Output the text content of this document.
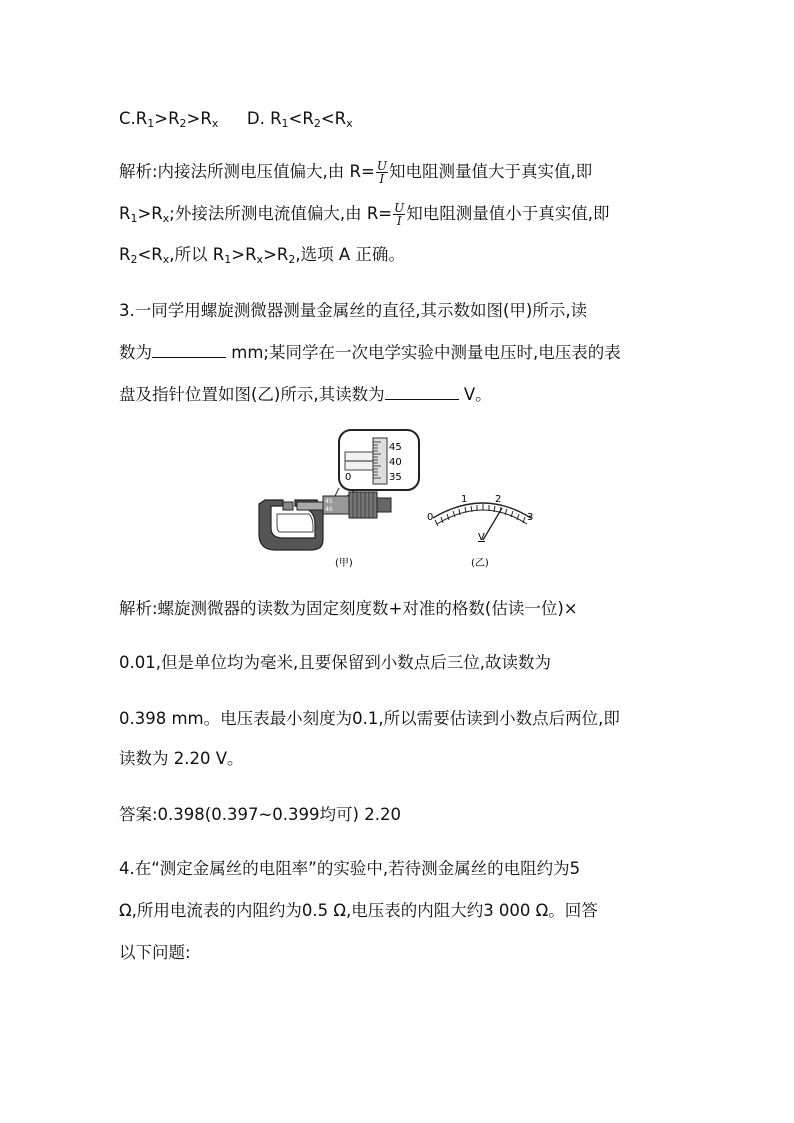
$C.R_1>R_2>R_x$ D. $R_1<R_2<R_x$
解析:内接法所测电压值偏大,由 $R= \frac{U}{I}$ 知电阻测量值大于真实值,即
$R_1>R_x$;外接法所测电流值偏大,由 $R= \frac{U}{I}$ 知电阻测量值小于真实值,即
$R_2<R_x$,所以 $R_1>R_x>R_2$,选项 A 正确。
3.一同学用螺旋测微器测量金属丝的直径,其示数如图(甲)所示,读
数为	mm;某同学在一次电学实验中测量电压时,电压表的表
盘及指针位置如图(乙)所示,其读数为	V。
45
40
35
0
45
40
0
1	2
3
V
(甲)	(乙)
解析:螺旋测微器的读数为固定刻度数+对准的格数(估读一位)×
0.01,但是单位均为毫米,且要保留到小数点后三位,故读数为
0.398 mm。电压表最小刻度为0.1,所以需要估读到小数点后两位,即
读数为 2.20 V。
答案:0.398(0.397~0.399均可) 2.20
4.在“测定金属丝的电阻率”的实验中,若待测金属丝的电阻约为5
Ω,所用电流表的内阻约为0.5 Ω,电压表的内阻大约3 000 Ω。回答
以下问题:
